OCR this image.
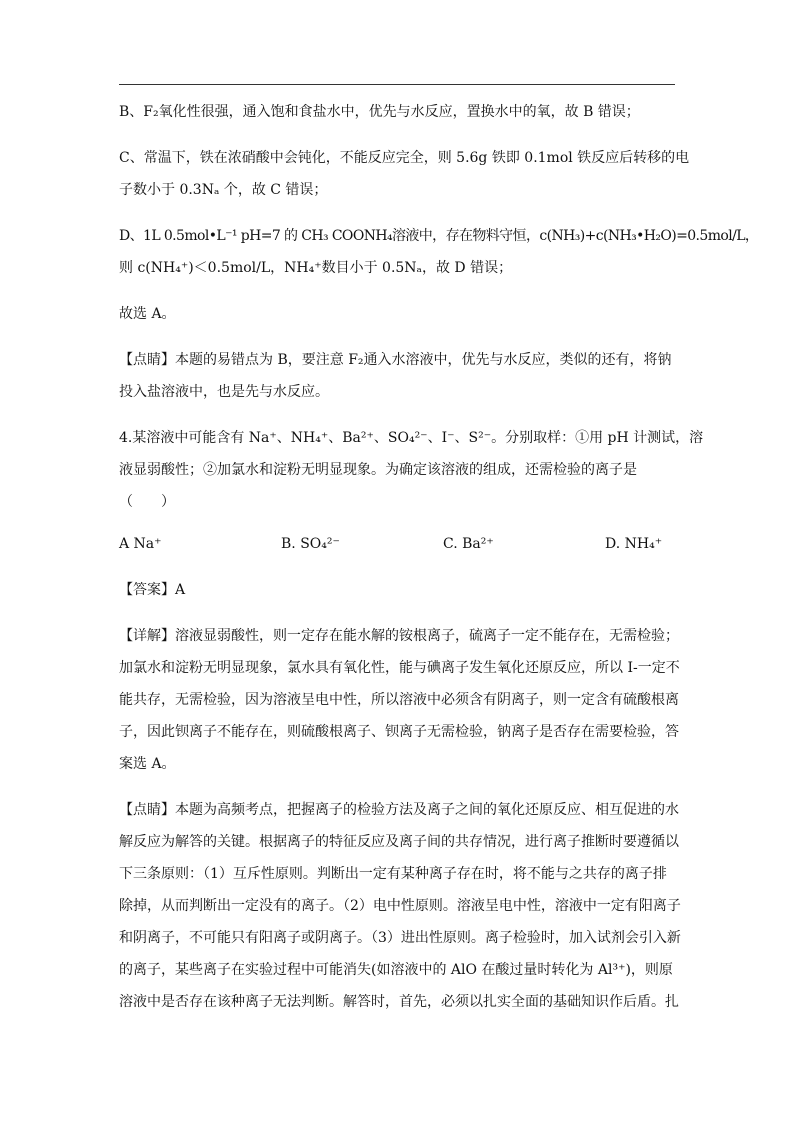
B、F₂氧化性很强，通入饱和食盐水中，优先与水反应，置换水中的氧，故 B 错误；

C、常温下，铁在浓硝酸中会钝化，不能反应完全，则 5.6g 铁即 0.1mol 铁反应后转移的电

子数小于 0.3Nₐ 个，故 C 错误；

D、1L 0.5mol•L⁻¹ pH=7 的 CH₃ COONH₄溶液中，存在物料守恒，c(NH₃)+c(NH₃•H₂O)=0.5mol/L，

则 c(NH₄⁺)＜0.5mol/L，NH₄⁺数目小于 0.5Nₐ，故 D 错误；

故选 A。

【点睛】本题的易错点为 B，要注意 F₂通入水溶液中，优先与水反应，类似的还有，将钠

投入盐溶液中，也是先与水反应。

4.某溶液中可能含有 Na⁺、NH₄⁺、Ba²⁺、SO₄²⁻、I⁻、S²⁻。分别取样：①用 pH 计测试，溶

液显弱酸性；②加氯水和淀粉无明显现象。为确定该溶液的组成，还需检验的离子是

（　　）

A Na⁺	B. SO₄²⁻	C. Ba²⁺	D. NH₄⁺

【答案】A

【详解】溶液显弱酸性，则一定存在能水解的铵根离子，硫离子一定不能存在，无需检验；

加氯水和淀粉无明显现象，氯水具有氧化性，能与碘离子发生氧化还原反应，所以 I-一定不

能共存，无需检验，因为溶液呈电中性，所以溶液中必须含有阴离子，则一定含有硫酸根离

子，因此钡离子不能存在，则硫酸根离子、钡离子无需检验，钠离子是否存在需要检验，答

案选 A。

【点睛】本题为高频考点，把握离子的检验方法及离子之间的氧化还原反应、相互促进的水

解反应为解答的关键。根据离子的特征反应及离子间的共存情况，进行离子推断时要遵循以

下三条原则：（1）互斥性原则。判断出一定有某种离子存在时，将不能与之共存的离子排

除掉，从而判断出一定没有的离子。（2）电中性原则。溶液呈电中性，溶液中一定有阳离子

和阴离子，不可能只有阳离子或阴离子。（3）进出性原则。离子检验时，加入试剂会引入新

的离子，某些离子在实验过程中可能消失(如溶液中的 AlO 在酸过量时转化为 Al³⁺)，则原

溶液中是否存在该种离子无法判断。解答时，首先，必须以扎实全面的基础知识作后盾。扎
